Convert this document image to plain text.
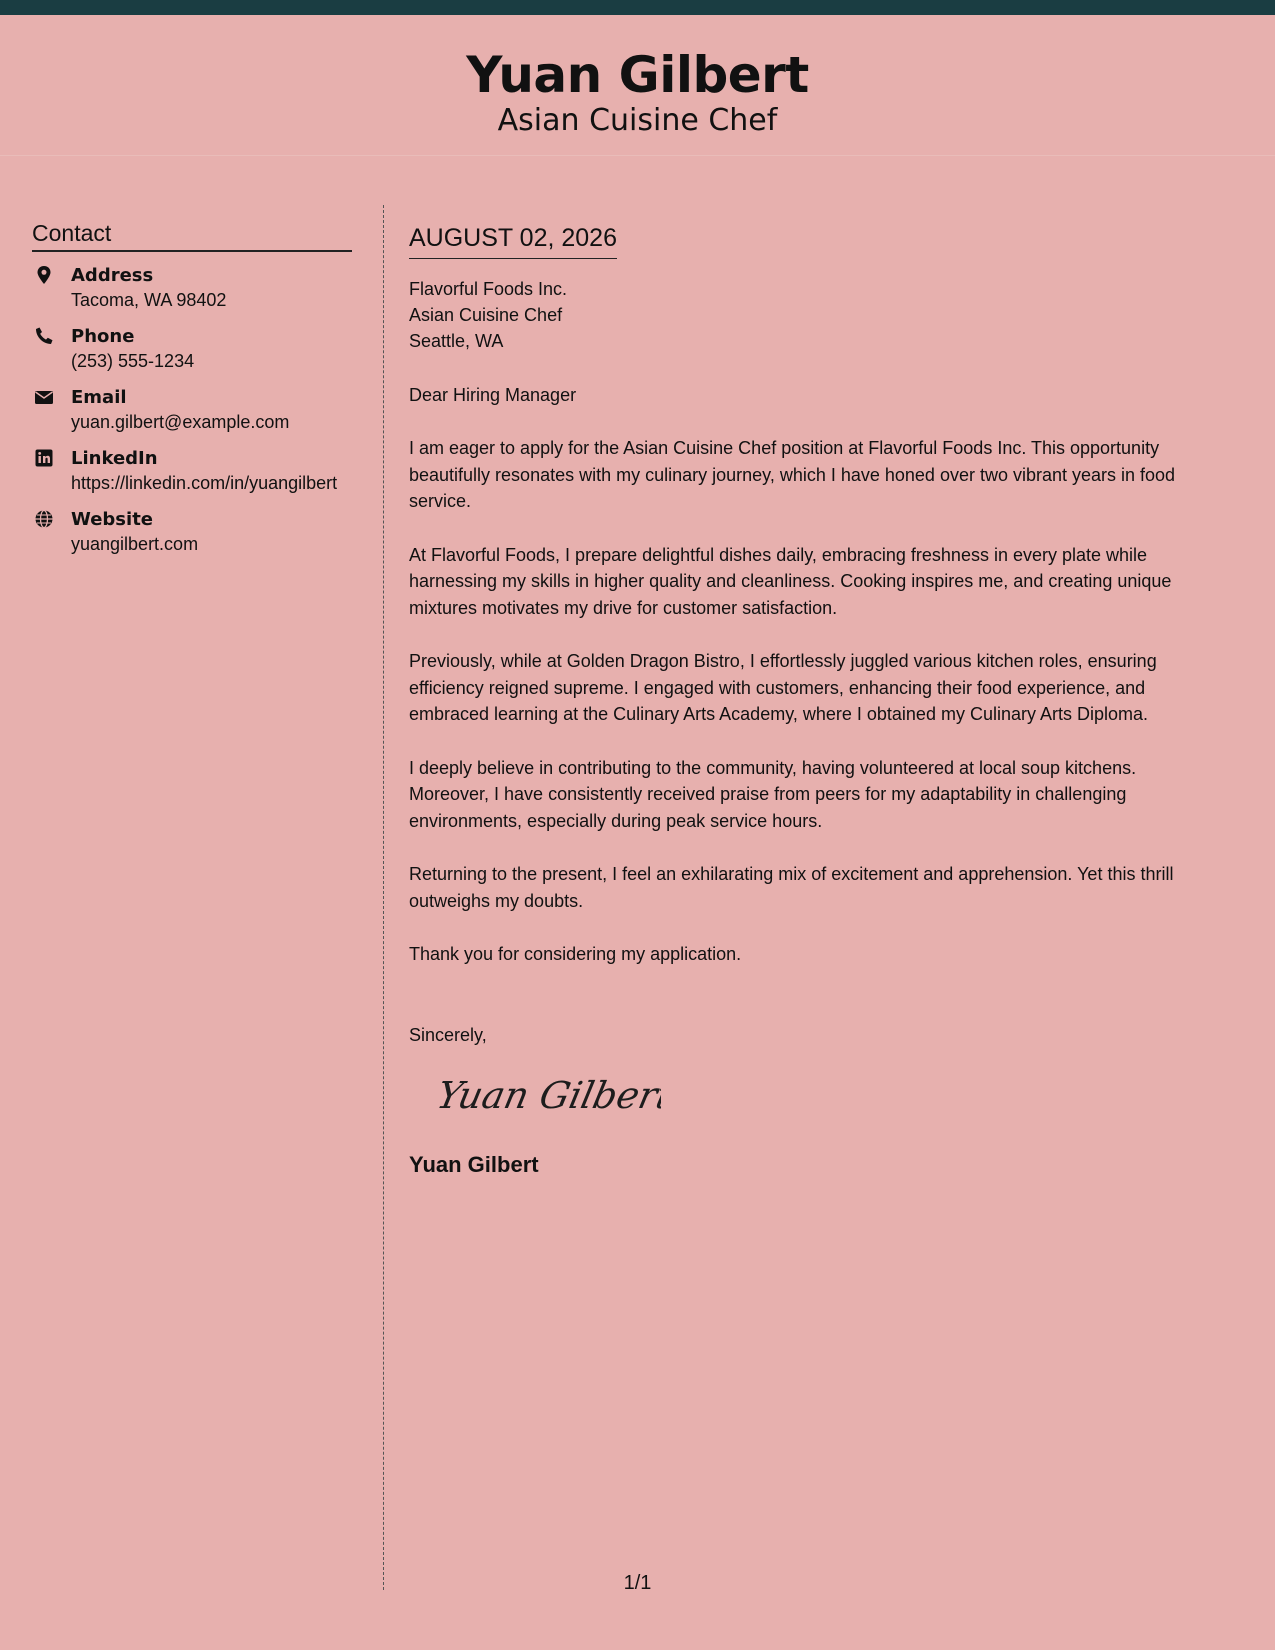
Yuan Gilbert
Asian Cuisine Chef
Contact
Address
Tacoma, WA 98402
Phone
(253) 555-1234
Email
yuan.gilbert@example.com
LinkedIn
https://linkedin.com/in/yuangilbert
Website
yuangilbert.com
AUGUST 02, 2026
Flavorful Foods Inc.
Asian Cuisine Chef
Seattle, WA
Dear Hiring Manager
I am eager to apply for the Asian Cuisine Chef position at Flavorful Foods Inc. This opportunity beautifully resonates with my culinary journey, which I have honed over two vibrant years in food service.
At Flavorful Foods, I prepare delightful dishes daily, embracing freshness in every plate while harnessing my skills in higher quality and cleanliness. Cooking inspires me, and creating unique mixtures motivates my drive for customer satisfaction.
Previously, while at Golden Dragon Bistro, I effortlessly juggled various kitchen roles, ensuring efficiency reigned supreme. I engaged with customers, enhancing their food experience, and embraced learning at the Culinary Arts Academy, where I obtained my Culinary Arts Diploma.
I deeply believe in contributing to the community, having volunteered at local soup kitchens. Moreover, I have consistently received praise from peers for my adaptability in challenging environments, especially during peak service hours.
Returning to the present, I feel an exhilarating mix of excitement and apprehension. Yet this thrill outweighs my doubts.
Thank you for considering my application.
Sincerely,
Yuan Gilbert
Yuan Gilbert
1/1
